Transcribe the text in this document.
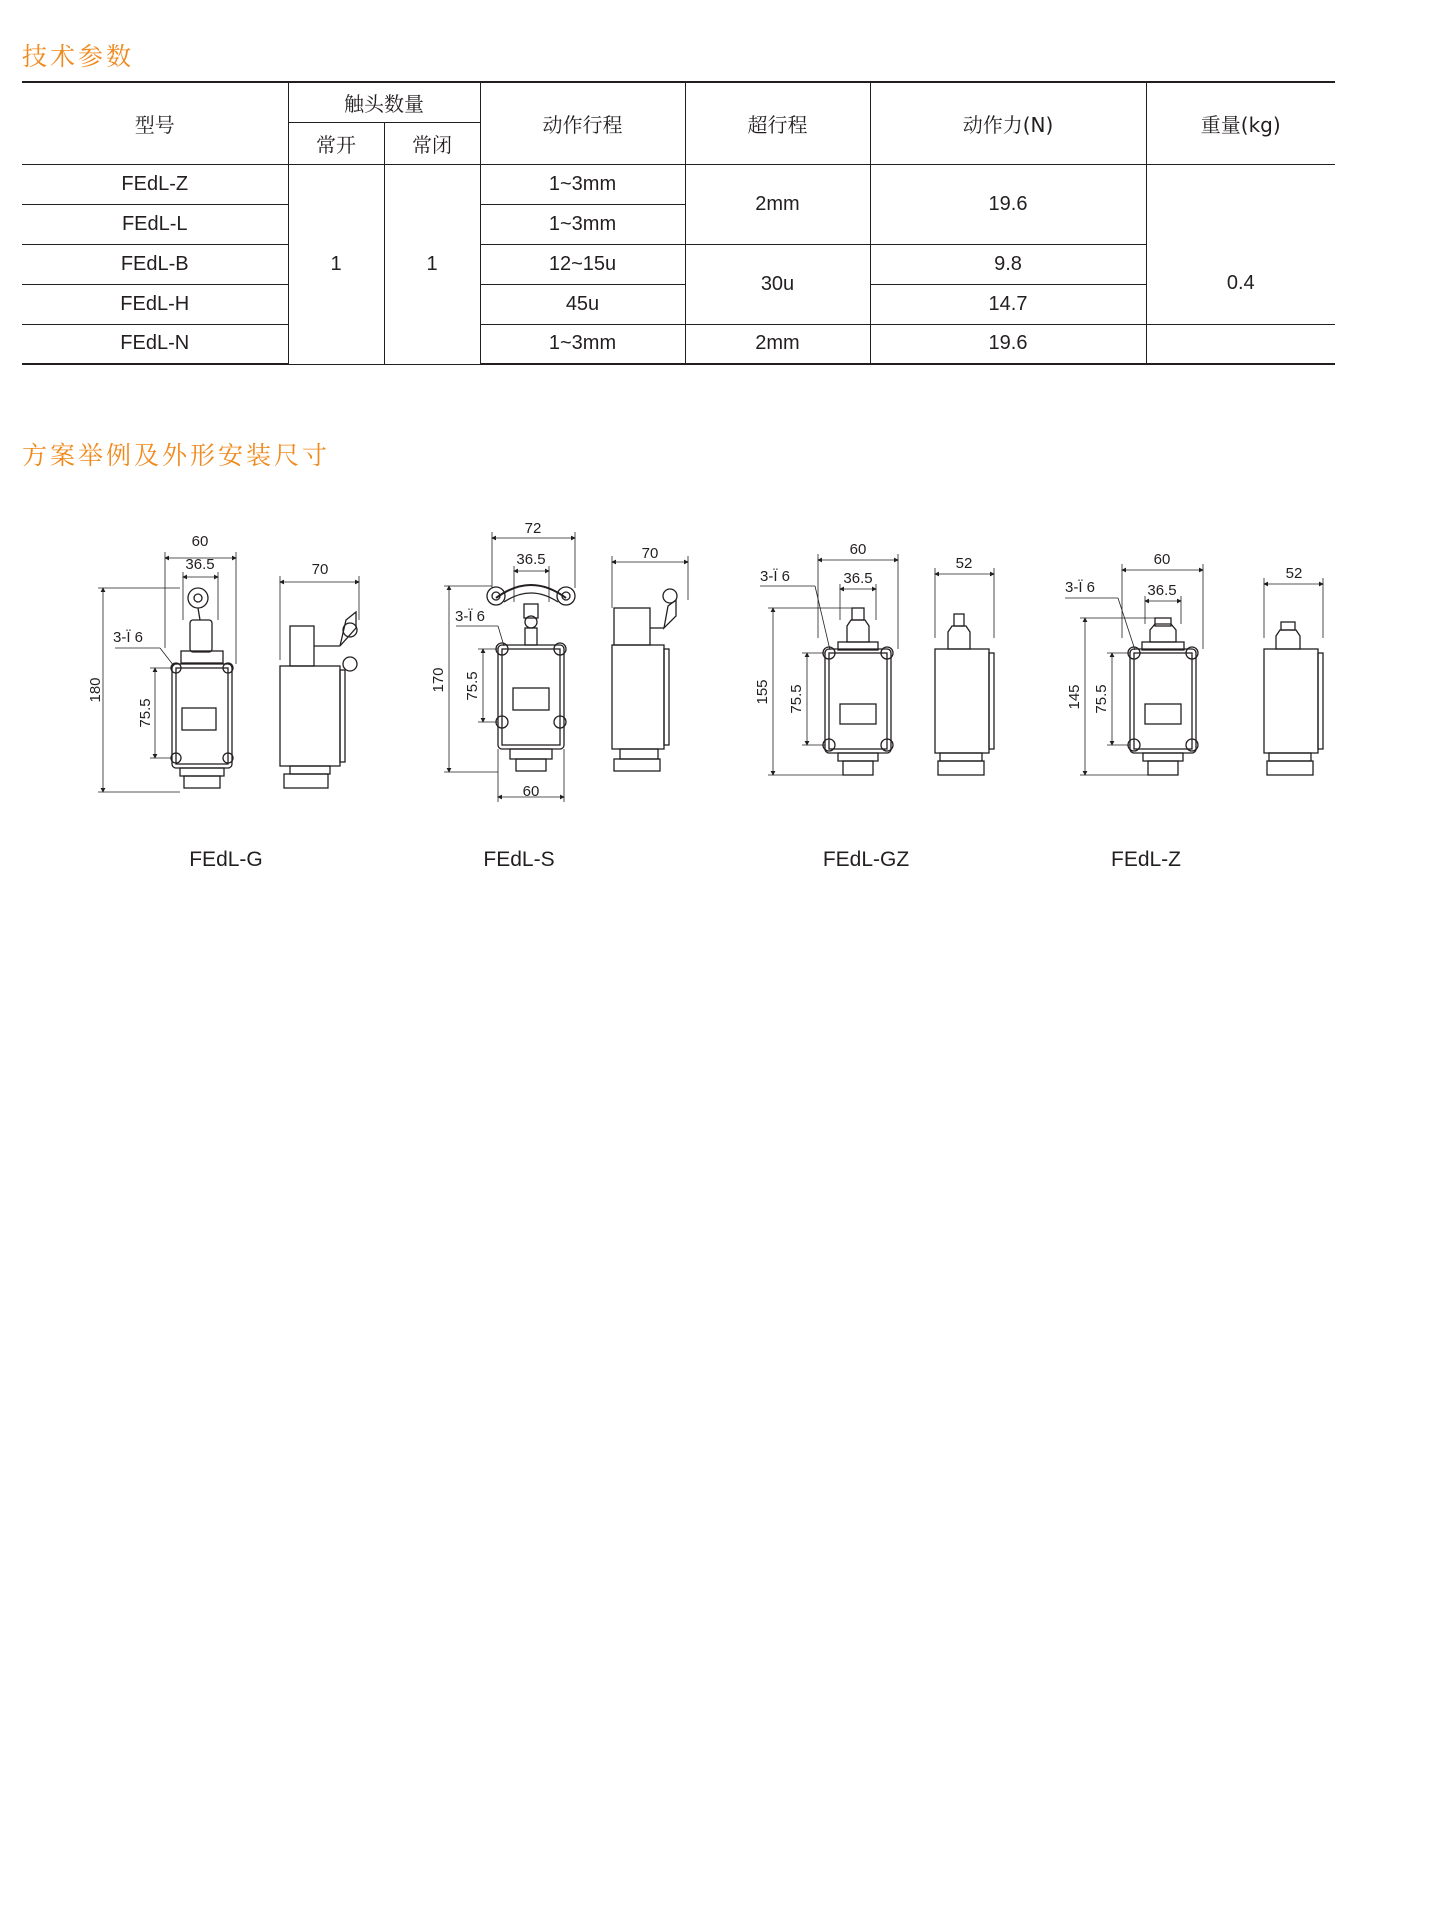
技术参数
型号	触头数量		动作行程	超行程	动作力(N)	重量(kg)
	常开	常闭				
FEdL-Z	1	1	1~3mm	2mm	19.6	
FEdL-L			1~3mm			
FEdL-B			12~15u	30u	9.8	0.4
FEdL-H			45u		14.7	
FEdL-N			1~3mm	2mm	19.6	
方案举例及外形安装尺寸
60
36.5
3-Ï 6
180
75.5
70
72
36.5
3-Ï 6
170 75.5
70
60
60
36.5
3-Ï 6
155 75.5
52	60
36.5
3-Ï 6
145 75.5
52
FEdL-G	FEdL-S	FEdL-GZ	FEdL-Z
